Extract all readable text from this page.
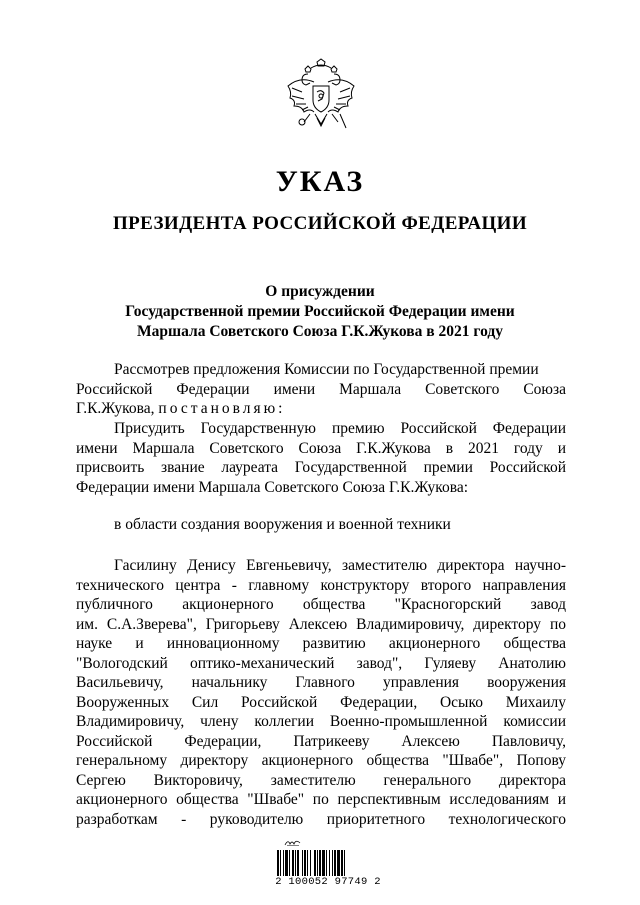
УКАЗ
ПРЕЗИДЕНТА РОССИЙСКОЙ ФЕДЕРАЦИИ
О присуждении
Государственной премии Российской Федерации имени
Маршала Советского Союза Г.К.Жукова в 2021 году
Рассмотрев предложения Комиссии по Государственной премии
Российской Федерации имени Маршала Советского Союза
Г.К.Жукова, постановляю:
Присудить Государственную премию Российской Федерации
имени Маршала Советского Союза Г.К.Жукова в 2021 году и
присвоить звание лауреата Государственной премии Российской
Федерации имени Маршала Советского Союза Г.К.Жукова:
в области создания вооружения и военной техники
Гасилину Денису Евгеньевичу, заместителю директора научно-
технического центра - главному конструктору второго направления
публичного акционерного общества "Красногорский завод
им. С.А.Зверева", Григорьеву Алексею Владимировичу, директору по
науке и инновационному развитию акционерного общества
"Вологодский оптико-механический завод", Гуляеву Анатолию
Васильевичу, начальнику Главного управления вооружения
Вооруженных Сил Российской Федерации, Осыко Михаилу
Владимировичу, члену коллегии Военно-промышленной комиссии
Российской Федерации, Патрикееву Алексею Павловичу,
генеральному директору акционерного общества "Швабе", Попову
Сергею Викторовичу, заместителю генерального директора
акционерного общества "Швабе" по перспективным исследованиям и
разработкам - руководителю приоритетного технологического
2 100052 97749 2
